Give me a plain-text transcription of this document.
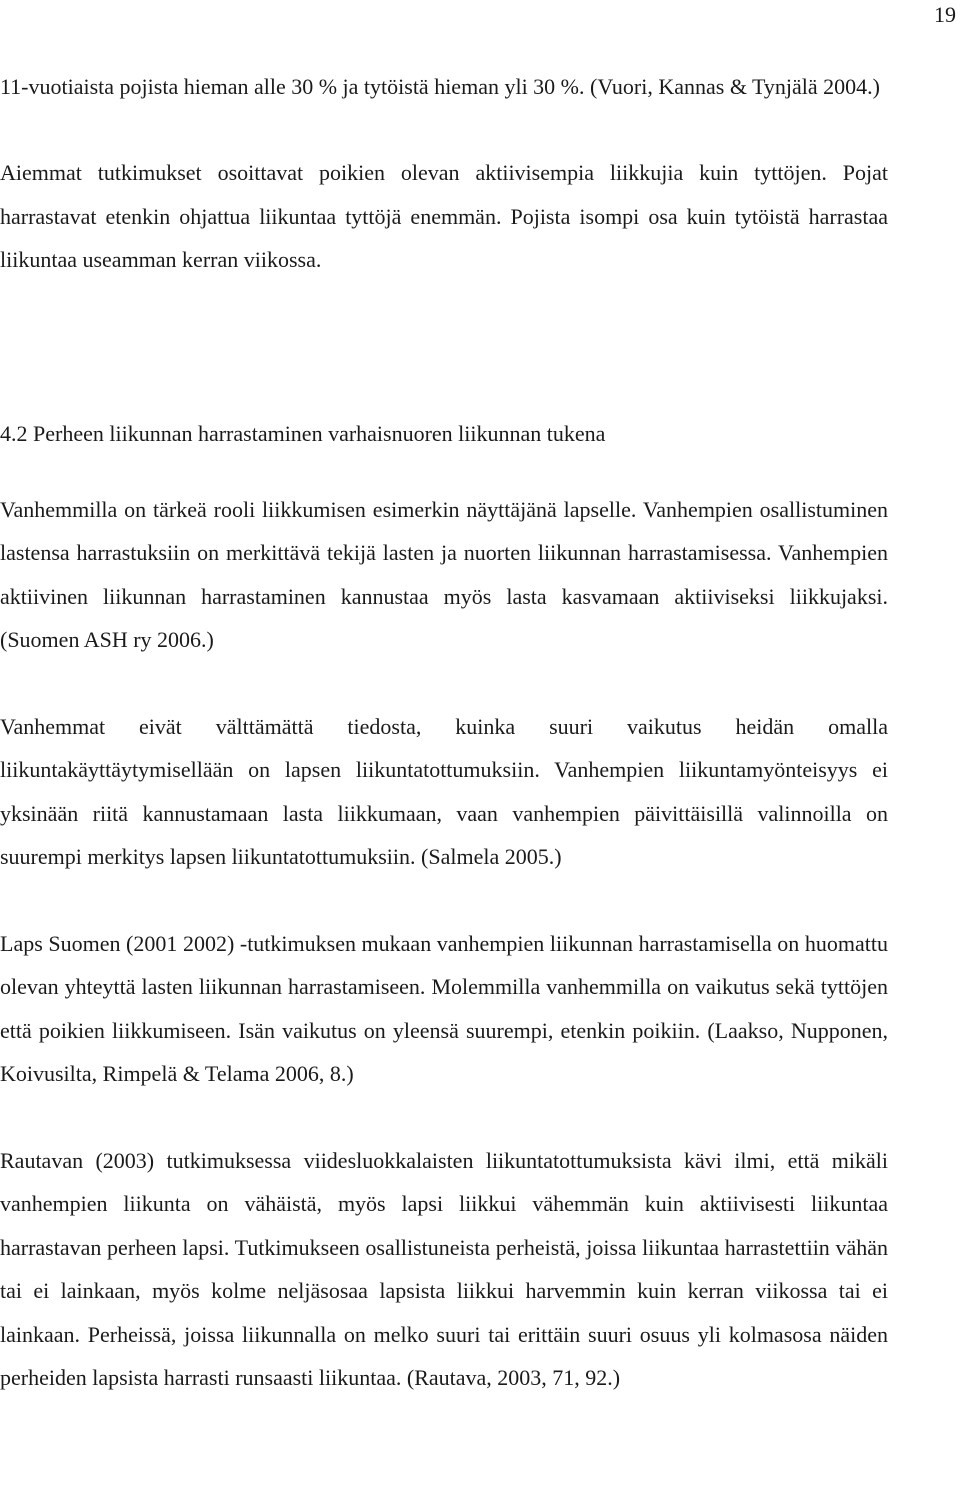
19

11-vuotiaista pojista hieman alle 30 % ja tytöistä hieman yli 30 %. (Vuori, Kannas & Tynjälä 2004.)

Aiemmat tutkimukset osoittavat poikien olevan aktiivisempia liikkujia kuin tyttöjen. Pojat harrastavat etenkin ohjattua liikuntaa tyttöjä enemmän. Pojista isompi osa kuin tytöistä harrastaa liikuntaa useamman kerran viikossa.

4.2 Perheen liikunnan harrastaminen varhaisnuoren liikunnan tukena

Vanhemmilla on tärkeä rooli liikkumisen esimerkin näyttäjänä lapselle. Vanhempien osallistuminen lastensa harrastuksiin on merkittävä tekijä lasten ja nuorten liikunnan harrastamisessa. Vanhempien aktiivinen liikunnan harrastaminen kannustaa myös lasta kasvamaan aktiiviseksi liikkujaksi. (Suomen ASH ry 2006.)

Vanhemmat eivät välttämättä tiedosta, kuinka suuri vaikutus heidän omalla liikuntakäyttäytymisellään on lapsen liikuntatottumuksiin. Vanhempien liikuntamyönteisyys ei yksinään riitä kannustamaan lasta liikkumaan, vaan vanhempien päivittäisillä valinnoilla on suurempi merkitys lapsen liikuntatottumuksiin. (Salmela 2005.)

Laps Suomen (2001 2002) -tutkimuksen mukaan vanhempien liikunnan harrastamisella on huomattu olevan yhteyttä lasten liikunnan harrastamiseen. Molemmilla vanhemmilla on vaikutus sekä tyttöjen että poikien liikkumiseen. Isän vaikutus on yleensä suurempi, etenkin poikiin. (Laakso, Nupponen, Koivusilta, Rimpelä & Telama 2006, 8.)

Rautavan (2003) tutkimuksessa viidesluokkalaisten liikuntatottumuksista kävi ilmi, että mikäli vanhempien liikunta on vähäistä, myös lapsi liikkui vähemmän kuin aktiivisesti liikuntaa harrastavan perheen lapsi. Tutkimukseen osallistuneista perheistä, joissa liikuntaa harrastettiin vähän tai ei lainkaan, myös kolme neljäsosaa lapsista liikkui harvemmin kuin kerran viikossa tai ei lainkaan. Perheissä, joissa liikunnalla on melko suuri tai erittäin suuri osuus yli kolmasosa näiden perheiden lapsista harrasti runsaasti liikuntaa. (Rautava, 2003, 71, 92.)
